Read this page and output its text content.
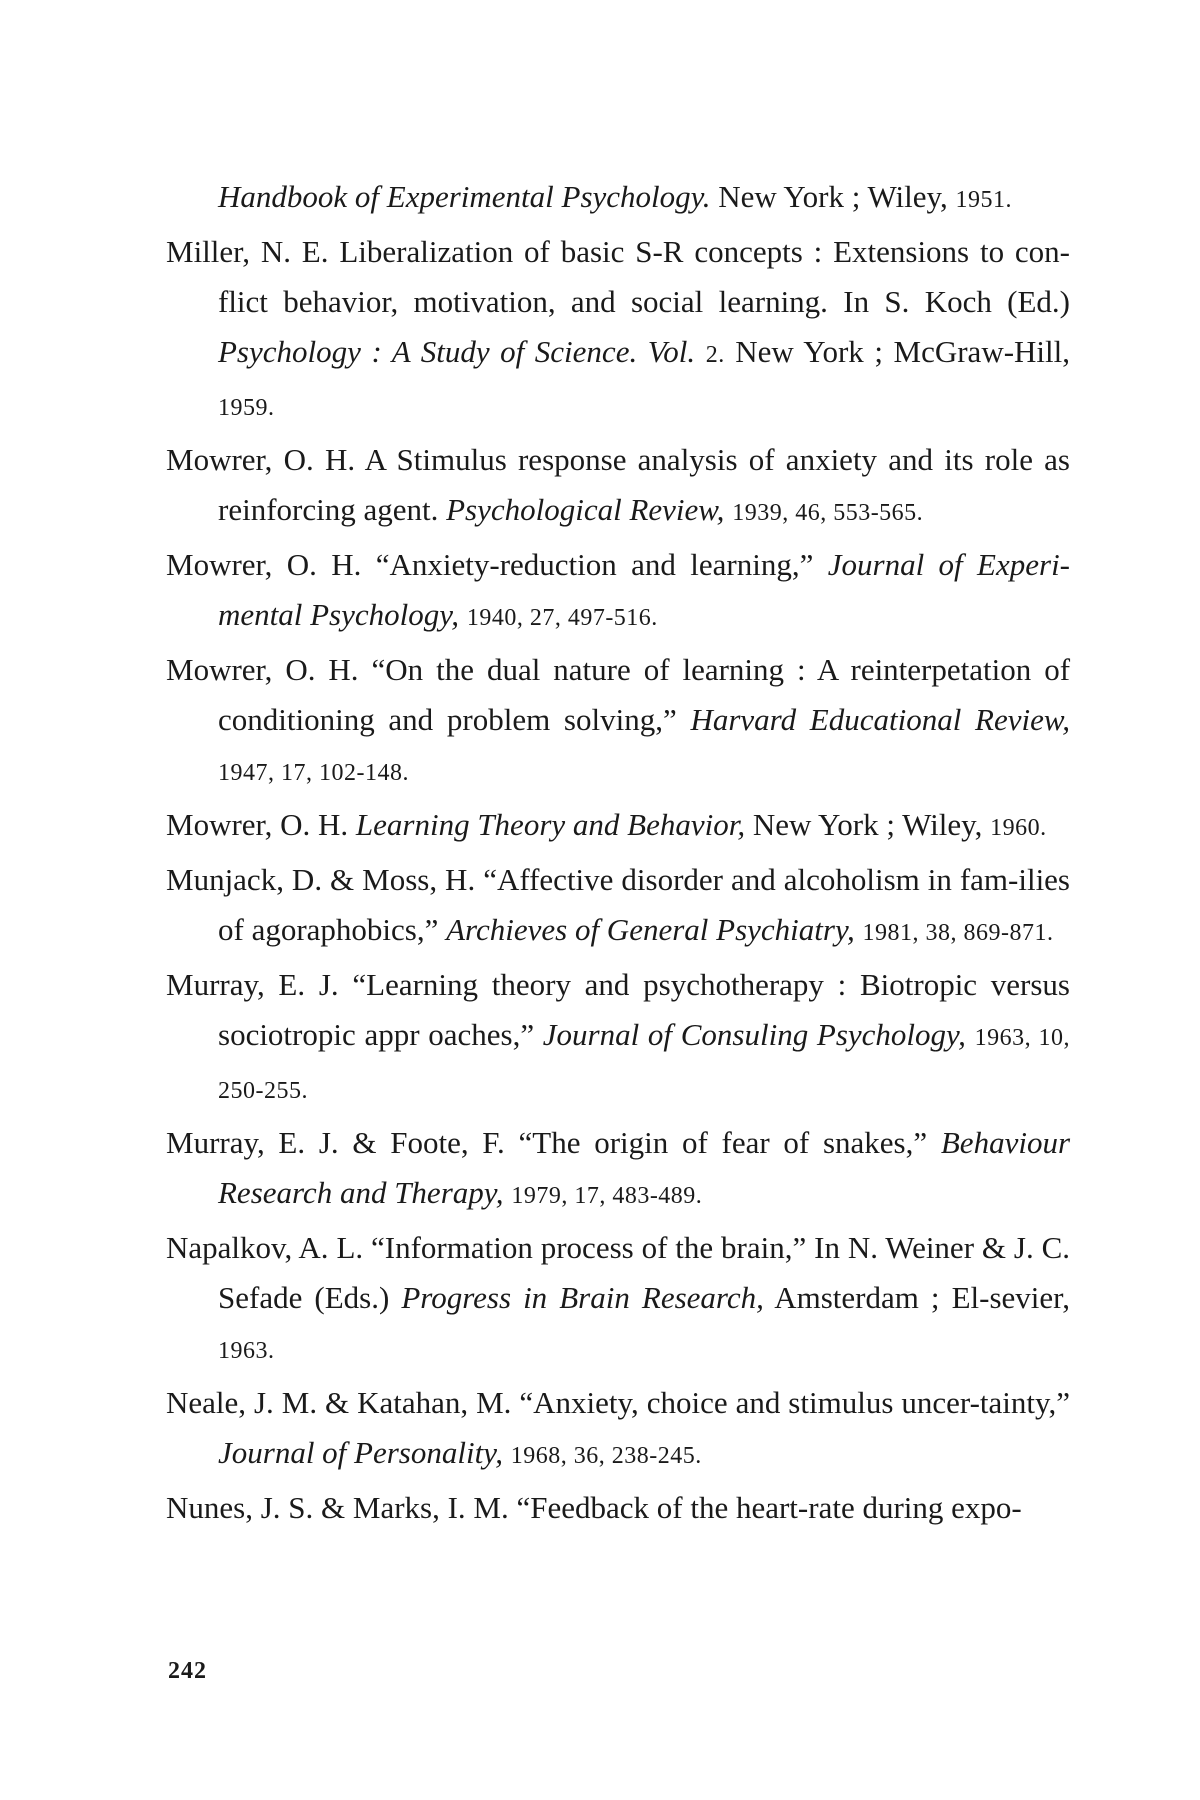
Handbook of Experimental Psychology. New York ; Wiley, 1951.

Miller, N. E. Liberalization of basic S-R concepts : Extensions to con-flict behavior, motivation, and social learning. In S. Koch (Ed.) Psychology : A Study of Science. Vol. 2. New York ; McGraw-Hill, 1959.

Mowrer, O. H. A Stimulus response analysis of anxiety and its role as reinforcing agent. Psychological Review, 1939, 46, 553-565.

Mowrer, O. H. “Anxiety-reduction and learning,” Journal of Experi-mental Psychology, 1940, 27, 497-516.

Mowrer, O. H. “On the dual nature of learning : A reinterpetation of conditioning and problem solving,” Harvard Educational Review, 1947, 17, 102-148.

Mowrer, O. H. Learning Theory and Behavior, New York ; Wiley, 1960.

Munjack, D. & Moss, H. “Affective disorder and alcoholism in fam-ilies of agoraphobics,” Archieves of General Psychiatry, 1981, 38, 869-871.

Murray, E. J. “Learning theory and psychotherapy : Biotropic versus sociotropic appr oaches,” Journal of Consuling Psychology, 1963, 10, 250-255.

Murray, E. J. & Foote, F. “The origin of fear of snakes,” Behaviour Research and Therapy, 1979, 17, 483-489.

Napalkov, A. L. “Information process of the brain,” In N. Weiner & J. C. Sefade (Eds.) Progress in Brain Research, Amsterdam ; El-sevier, 1963.

Neale, J. M. & Katahan, M. “Anxiety, choice and stimulus uncer-tainty,” Journal of Personality, 1968, 36, 238-245.

Nunes, J. S. & Marks, I. M. “Feedback of the heart-rate during expo-

242
